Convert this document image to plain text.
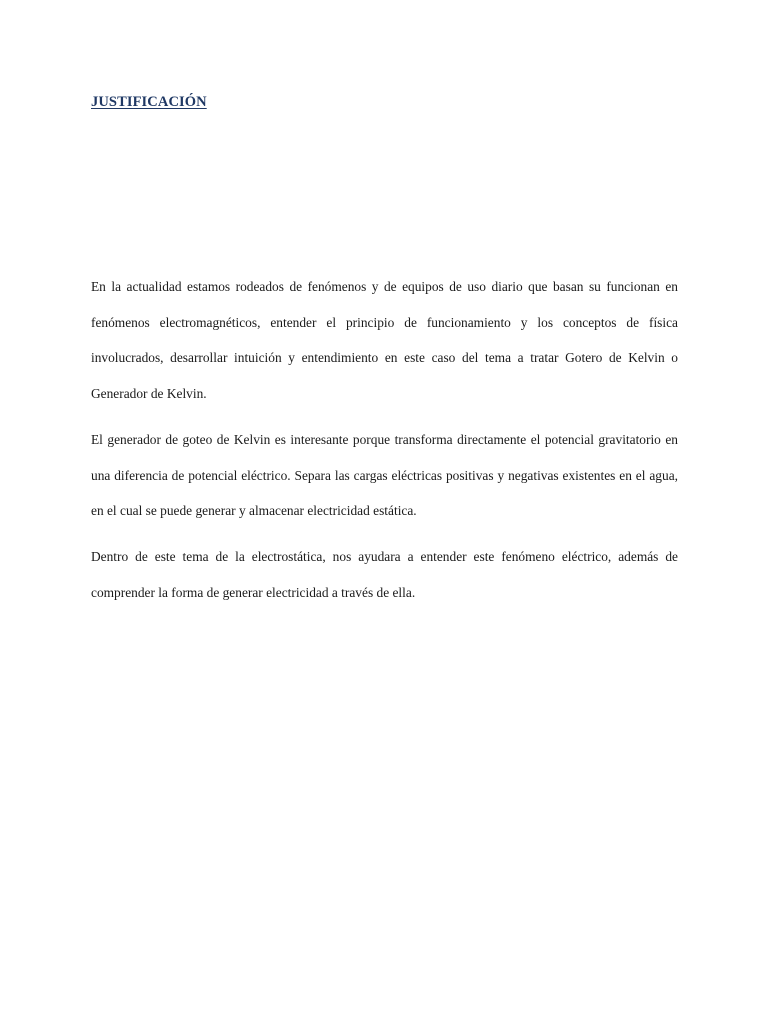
JUSTIFICACIÓN

En la actualidad estamos rodeados de fenómenos y de equipos de uso diario que basan su funcionan en fenómenos electromagnéticos, entender el principio de funcionamiento y los conceptos de física involucrados, desarrollar intuición y entendimiento en este caso del tema a tratar Gotero de Kelvin o Generador de Kelvin.

El generador de goteo de Kelvin es interesante porque transforma directamente el potencial gravitatorio en una diferencia de potencial eléctrico. Separa las cargas eléctricas positivas y negativas existentes en el agua, en el cual se puede generar y almacenar electricidad estática.

Dentro de este tema de la electrostática, nos ayudara a entender este fenómeno eléctrico, además de comprender la forma de generar electricidad a través de ella.
